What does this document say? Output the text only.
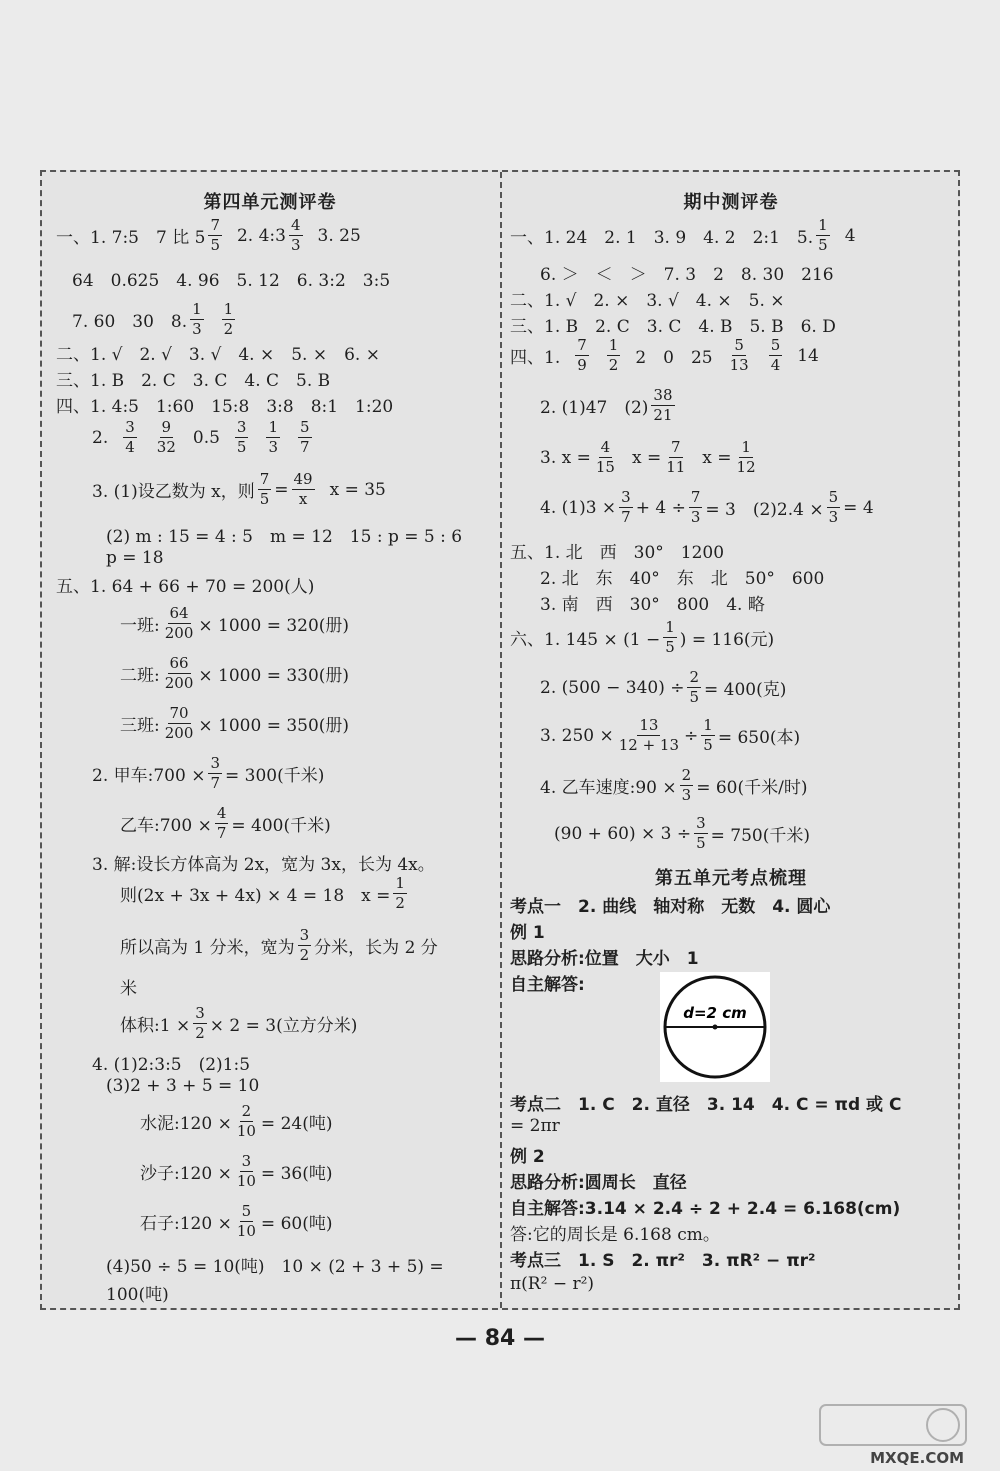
第四单元测评卷
一、1. 7:5　7 比 $5 \frac{7}{5} 2$. 4:3 $\frac{4}{3} 3$. 25
64　0.625　4. 96　5. 12　6. 3:2　3:5
7. 60　30　8. $\frac{1}{3} \frac{1}{2}$
二、1. √　2. √　3. √　4. ×　5. ×　6. ×
三、1. B　2. C　3. C　4. C　5. B
四、1. 4:5　1:60　15:8　3:8　8:1　1:20
2. $\frac{3}{4} \frac{9}{32} 0.5 \frac{3}{5} \frac{1}{3} \frac{5}{7}$
3. (1)设乙数为 x，则 $\frac{7}{5} = \frac{49}{x}$ x = 35
(2) m : 15 = 4 : 5　m = 12　15 : p = 5 : 6
p = 18
五、1. 64 + 66 + 70 = 200(人)
一班: $\frac{64}{200} \times 1000 = 320$(册)
二班: $\frac{66}{200} \times 1000 = 330$(册)
三班: $\frac{70}{200} \times 1000 = 350$(册)
2. 甲车:700 × $\frac{3}{7} = 300$(千米)
乙车:700 × $\frac{4}{7} = 400$(千米)
3. 解:设长方体高为 2x，宽为 3x，长为 4x。
则(2x + 3x + 4x) × 4 = 18　$x = \frac{1}{2}$
所以高为 1 分米，宽为 $\frac{3}{2}$ 分米，长为 2 分
米
体积:1 × $\frac{3}{2} \times 2 = 3$(立方分米)
4. (1)2:3:5　(2)1:5
(3)2 + 3 + 5 = 10
水泥:120 × $\frac{2}{10} = 24$(吨)
沙子:120 × $\frac{3}{10} = 36$(吨)
石子:120 × $\frac{5}{10} = 60$(吨)
(4)50 ÷ 5 = 10(吨)　10 × (2 + 3 + 5) =
100(吨)
期中测评卷
一、1. 24　2. 1　3. 9　4. 2　2:1　5. $\frac{1}{5} 4$
6. ＞　＜　＞　7. 3　2　8. 30　216
二、1. √　2. ×　3. √　4. ×　5. ×
三、1. B　2. C　3. C　4. B　5. B　6. D
四、1. $\frac{7}{9} \frac{1}{2} 2$　0　$25 \frac{5}{13} \frac{5}{4} 14$
2. (1)47　$(2) \frac{38}{21}$
3. $x = \frac{4}{15}$ $x = \frac{7}{11}$ $x = \frac{1}{12}$
4. $(1)3 \times \frac{3}{7} + 4 \div \frac{7}{3} = 3$　$(2)2.4 \times \frac{5}{3} = 4$
五、1. 北　西　30°　1200
2. 北　东　40°　东　北　50°　600
3. 南　西　30°　800　4. 略
六、1. $145 \times (1 - \frac{1}{5}$ ) = 116(元)
2. $(500 - 340) \div \frac{2}{5} = 400$(克)
3. $250 \times \frac{13}{12 + 13} \div \frac{1}{5} = 650$(本)
4. 乙车速度:90 × $\frac{2}{3} = 60$(千米/时)
$(90 + 60) \times 3 \div \frac{3}{5} = 750$(千米)
第五单元考点梳理
考点一　2. 曲线　轴对称　无数　4. 圆心
例 1
思路分析:位置　大小　1
自主解答:
d=2 cm
考点二　1. C　2. 直径　3. 14　4. C = πd 或 C
= 2πr
例 2
思路分析:圆周长　直径
自主解答:3.14 × 2.4 ÷ 2 + 2.4 = 6.168(cm)
答:它的周长是 6.168 cm。
考点三　1. S　2. πr²　3. πR² − πr²
π(R² − r²)
— 84 —
MXQE.COM
